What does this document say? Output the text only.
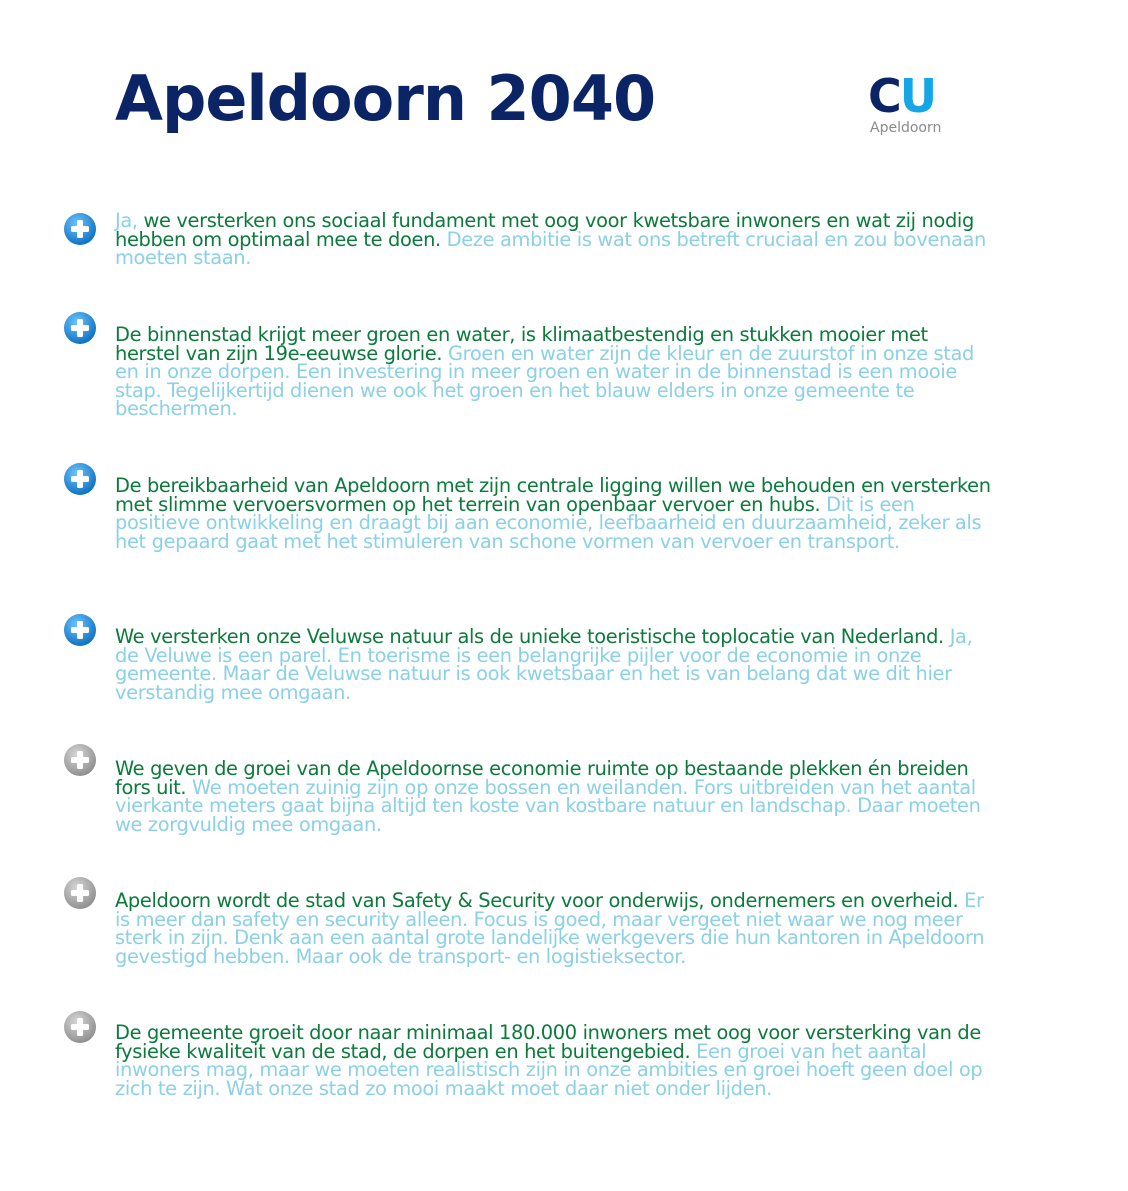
Apeldoorn 2040	CU
Apeldoorn

Ja, we versterken ons sociaal fundament met oog voor kwetsbare inwoners en wat zij nodig hebben om optimaal mee te doen. Deze ambitie is wat ons betreft cruciaal en zou bovenaan moeten staan.

De binnenstad krijgt meer groen en water, is klimaatbestendig en stukken mooier met herstel van zijn 19e-eeuwse glorie. Groen en water zijn de kleur en de zuurstof in onze stad en in onze dorpen. Een investering in meer groen en water in de binnenstad is een mooie stap. Tegelijkertijd dienen we ook het groen en het blauw elders in onze gemeente te beschermen.

De bereikbaarheid van Apeldoorn met zijn centrale ligging willen we behouden en versterken met slimme vervoersvormen op het terrein van openbaar vervoer en hubs. Dit is een positieve ontwikkeling en draagt bij aan economie, leefbaarheid en duurzaamheid, zeker als het gepaard gaat met het stimuleren van schone vormen van vervoer en transport.

We versterken onze Veluwse natuur als de unieke toeristische toplocatie van Nederland. Ja, de Veluwe is een parel. En toerisme is een belangrijke pijler voor de economie in onze gemeente. Maar de Veluwse natuur is ook kwetsbaar en het is van belang dat we dit hier verstandig mee omgaan.

We geven de groei van de Apeldoornse economie ruimte op bestaande plekken én breiden fors uit. We moeten zuinig zijn op onze bossen en weilanden. Fors uitbreiden van het aantal vierkante meters gaat bijna altijd ten koste van kostbare natuur en landschap. Daar moeten we zorgvuldig mee omgaan.

Apeldoorn wordt de stad van Safety & Security voor onderwijs, ondernemers en overheid. Er is meer dan safety en security alleen. Focus is goed, maar vergeet niet waar we nog meer sterk in zijn. Denk aan een aantal grote landelijke werkgevers die hun kantoren in Apeldoorn gevestigd hebben. Maar ook de transport- en logistieksector.

De gemeente groeit door naar minimaal 180.000 inwoners met oog voor versterking van de fysieke kwaliteit van de stad, de dorpen en het buitengebied. Een groei van het aantal inwoners mag, maar we moeten realistisch zijn in onze ambities en groei hoeft geen doel op zich te zijn. Wat onze stad zo mooi maakt moet daar niet onder lijden.
